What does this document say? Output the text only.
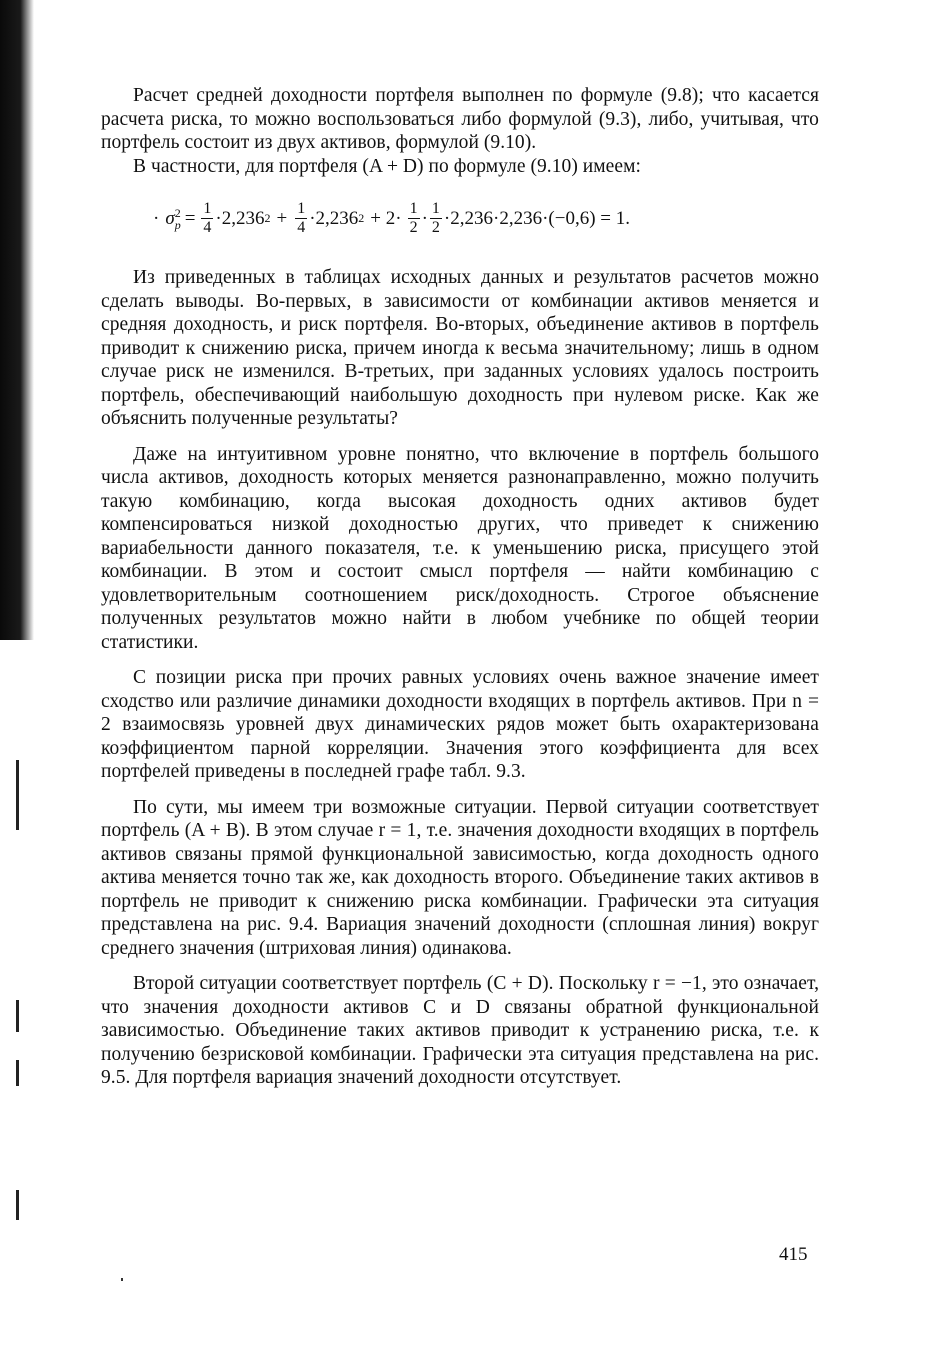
Расчет средней доходности портфеля выполнен по формуле (9.8); что касается расчета риска, то можно воспользоваться либо формулой (9.3), либо, учитывая, что портфель состоит из двух активов, формулой (9.10).

В частности, для портфеля (A + D) по формуле (9.10) имеем:

· σ 2
$p = \frac{1}{4} \cdot 2,236$ $2 + \frac{1}{4} \cdot 2,236$ $2 + 2\cdot \frac{1}{2} \cdot \frac{1}{2} \cdot 2,236\cdot 2,236\cdot(-0,6) = 1$.

Из приведенных в таблицах исходных данных и результатов расчетов можно сделать выводы. Во-первых, в зависимости от комбинации активов меняется и средняя доходность, и риск портфеля. Во-вторых, объединение активов в портфель приводит к снижению риска, причем иногда к весьма значительному; лишь в одном случае риск не изменился. В-третьих, при заданных условиях удалось построить портфель, обеспечивающий наибольшую доходность при нулевом риске. Как же объяснить полученные результаты?

Даже на интуитивном уровне понятно, что включение в портфель большого числа активов, доходность которых меняется разнонаправленно, можно получить такую комбинацию, когда высокая доходность одних активов будет компенсироваться низкой доходностью других, что приведет к снижению вариабельности данного показателя, т.е. к уменьшению риска, присущего этой комбинации. В этом и состоит смысл портфеля — найти комбинацию с удовлетворительным соотношением риск/доходность. Строгое объяснение полученных результатов можно найти в любом учебнике по общей теории статистики.

С позиции риска при прочих равных условиях очень важное значение имеет сходство или различие динамики доходности входящих в портфель активов. При n = 2 взаимосвязь уровней двух динамических рядов может быть охарактеризована коэффициентом парной корреляции. Значения этого коэффициента для всех портфелей приведены в последней графе табл. 9.3.

По сути, мы имеем три возможные ситуации. Первой ситуации соответствует портфель (A + B). В этом случае r = 1, т.е. значения доходности входящих в портфель активов связаны прямой функциональной зависимостью, когда доходность одного актива меняется точно так же, как доходность второго. Объединение таких активов в портфель не приводит к снижению риска комбинации. Графически эта ситуация представлена на рис. 9.4. Вариация значений доходности (сплошная линия) вокруг среднего значения (штриховая линия) одинакова.

Второй ситуации соответствует портфель (C + D). Поскольку r = −1, это означает, что значения доходности активов C и D связаны обратной функциональной зависимостью. Объединение таких активов приводит к устранению риска, т.е. к получению безрисковой комбинации. Графически эта ситуация представлена на рис. 9.5. Для портфеля вариация значений доходности отсутствует.

415
